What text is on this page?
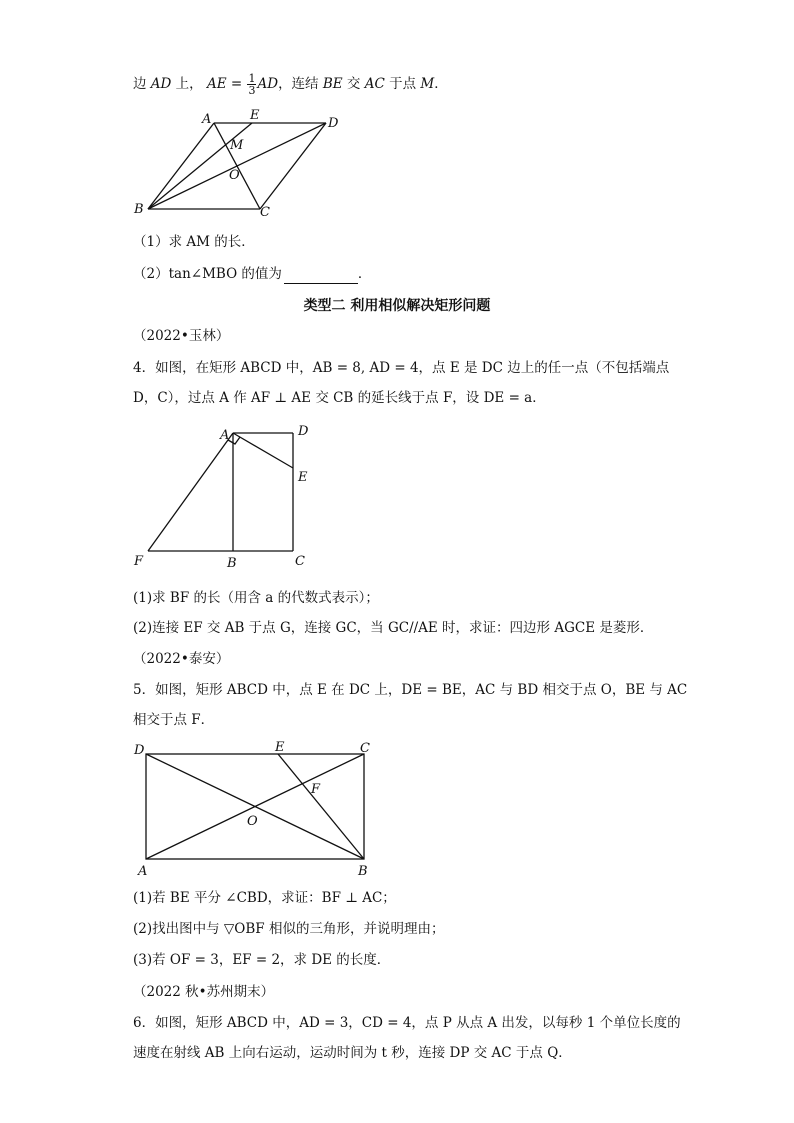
边 AD 上， AE = $\frac{1}{3}$ AD，连结 BE 交 AC 于点 M．
A	E
D
M
O
B	C
（1）求 AM 的长．
（2）tan∠MBO 的值为	．
类型二 利用相似解决矩形问题
（2022•玉林）
4．如图，在矩形 ABCD 中，AB = 8, AD = 4，点 E 是 DC 边上的任一点（不包括端点
D，C），过点 A 作 AF ⊥ AE 交 CB 的延长线于点 F，设 DE = a．
A	D
E
F	B	C
(1)求 BF 的长（用含 a 的代数式表示）；
(2)连接 EF 交 AB 于点 G，连接 GC，当 GC//AE 时，求证：四边形 AGCE 是菱形．
（2022•泰安）
5．如图，矩形 ABCD 中，点 E 在 DC 上，DE = BE，AC 与 BD 相交于点 O，BE 与 AC
相交于点 F．
D	E	C
F
O
A	B
(1)若 BE 平分 ∠CBD，求证：BF ⊥ AC；
(2)找出图中与 ▽OBF 相似的三角形，并说明理由；
(3)若 OF = 3，EF = 2，求 DE 的长度．
（2022 秋•苏州期末）
6．如图，矩形 ABCD 中，AD = 3，CD = 4，点 P 从点 A 出发，以每秒 1 个单位长度的
速度在射线 AB 上向右运动，运动时间为 t 秒，连接 DP 交 AC 于点 Q．
